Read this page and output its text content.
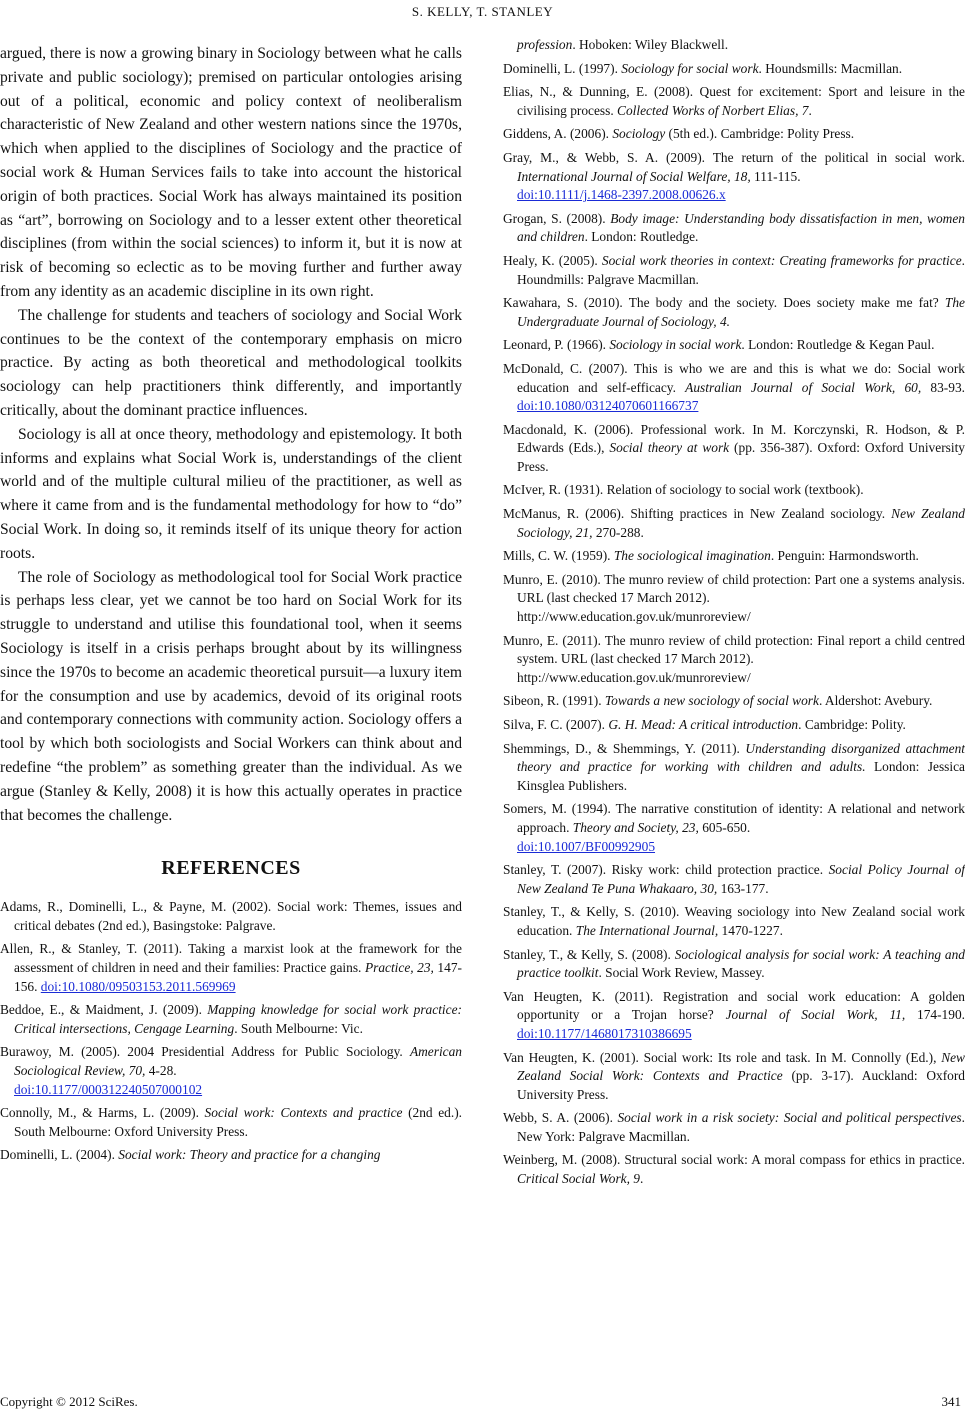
S. KELLY, T. STANLEY

argued, there is now a growing binary in Sociology between what he calls private and public sociology); premised on particular ontologies arising out of a political, economic and policy context of neoliberalism characteristic of New Zealand and other western nations since the 1970s, which when applied to the disciplines of Sociology and the practice of social work & Human Services fails to take into account the historical origin of both practices. Social Work has always maintained its position as “art”, borrowing on Sociology and to a lesser extent other theoretical disciplines (from within the social sciences) to inform it, but it is now at risk of becoming so eclectic as to be moving further and further away from any identity as an academic discipline in its own right.

The challenge for students and teachers of sociology and Social Work continues to be the context of the contemporary emphasis on micro practice. By acting as both theoretical and methodological toolkits sociology can help practitioners think differently, and importantly critically, about the dominant practice influences.

Sociology is all at once theory, methodology and epistemology. It both informs and explains what Social Work is, understandings of the client world and of the multiple cultural milieu of the practitioner, as well as where it came from and is the fundamental methodology for how to “do” Social Work. In doing so, it reminds itself of its unique theory for action roots.

The role of Sociology as methodological tool for Social Work practice is perhaps less clear, yet we cannot be too hard on Social Work for its struggle to understand and utilise this foundational tool, when it seems Sociology is itself in a crisis perhaps brought about by its willingness since the 1970s to become an academic theoretical pursuit—a luxury item for the consumption and use by academics, devoid of its original roots and contemporary connections with community action. Sociology offers a tool by which both sociologists and Social Workers can think about and redefine “the problem” as something greater than the individual. As we argue (Stanley & Kelly, 2008) it is how this actually operates in practice that becomes the challenge.

REFERENCES

Adams, R., Dominelli, L., & Payne, M. (2002). Social work: Themes, issues and critical debates (2nd ed.), Basingstoke: Palgrave.

Allen, R., & Stanley, T. (2011). Taking a marxist look at the framework for the assessment of children in need and their families: Practice gains. Practice, 23, 147-156. doi:10.1080/09503153.2011.569969

Beddoe, E., & Maidment, J. (2009). Mapping knowledge for social work practice: Critical intersections, Cengage Learning. South Melbourne: Vic.

Burawoy, M. (2005). 2004 Presidential Address for Public Sociology. American Sociological Review, 70, 4-28.
doi:10.1177/000312240507000102

Connolly, M., & Harms, L. (2009). Social work: Contexts and practice (2nd ed.). South Melbourne: Oxford University Press.

Dominelli, L. (2004). Social work: Theory and practice for a changing

profession. Hoboken: Wiley Blackwell.

Dominelli, L. (1997). Sociology for social work. Houndsmills: Macmillan.

Elias, N., & Dunning, E. (2008). Quest for excitement: Sport and leisure in the civilising process. Collected Works of Norbert Elias, 7.

Giddens, A. (2006). Sociology (5th ed.). Cambridge: Polity Press.

Gray, M., & Webb, S. A. (2009). The return of the political in social work. International Journal of Social Welfare, 18, 111-115.
doi:10.1111/j.1468-2397.2008.00626.x

Grogan, S. (2008). Body image: Understanding body dissatisfaction in men, women and children. London: Routledge.

Healy, K. (2005). Social work theories in context: Creating frameworks for practice. Houndmills: Palgrave Macmillan.

Kawahara, S. (2010). The body and the society. Does society make me fat? The Undergraduate Journal of Sociology, 4.

Leonard, P. (1966). Sociology in social work. London: Routledge & Kegan Paul.

McDonald, C. (2007). This is who we are and this is what we do: Social work education and self-efficacy. Australian Journal of Social Work, 60, 83-93. doi:10.1080/03124070601166737

Macdonald, K. (2006). Professional work. In M. Korczynski, R. Hodson, & P. Edwards (Eds.), Social theory at work (pp. 356-387). Oxford: Oxford University Press.

McIver, R. (1931). Relation of sociology to social work (textbook).

McManus, R. (2006). Shifting practices in New Zealand sociology. New Zealand Sociology, 21, 270-288.

Mills, C. W. (1959). The sociological imagination. Penguin: Harmondsworth.

Munro, E. (2010). The munro review of child protection: Part one a systems analysis. URL (last checked 17 March 2012).
http://www.education.gov.uk/munroreview/

Munro, E. (2011). The munro review of child protection: Final report a child centred system. URL (last checked 17 March 2012).
http://www.education.gov.uk/munroreview/

Sibeon, R. (1991). Towards a new sociology of social work. Aldershot: Avebury.

Silva, F. C. (2007). G. H. Mead: A critical introduction. Cambridge: Polity.

Shemmings, D., & Shemmings, Y. (2011). Understanding disorganized attachment theory and practice for working with children and adults. London: Jessica Kinsglea Publishers.

Somers, M. (1994). The narrative constitution of identity: A relational and network approach. Theory and Society, 23, 605-650.
doi:10.1007/BF00992905

Stanley, T. (2007). Risky work: child protection practice. Social Policy Journal of New Zealand Te Puna Whakaaro, 30, 163-177.

Stanley, T., & Kelly, S. (2010). Weaving sociology into New Zealand social work education. The International Journal, 1470-1227.

Stanley, T., & Kelly, S. (2008). Sociological analysis for social work: A teaching and practice toolkit. Social Work Review, Massey.

Van Heugten, K. (2011). Registration and social work education: A golden opportunity or a Trojan horse? Journal of Social Work, 11, 174-190. doi:10.1177/1468017310386695

Van Heugten, K. (2001). Social work: Its role and task. In M. Connolly (Ed.), New Zealand Social Work: Contexts and Practice (pp. 3-17). Auckland: Oxford University Press.

Webb, S. A. (2006). Social work in a risk society: Social and political perspectives. New York: Palgrave Macmillan.

Weinberg, M. (2008). Structural social work: A moral compass for ethics in practice. Critical Social Work, 9.

Copyright © 2012 SciRes.	341
